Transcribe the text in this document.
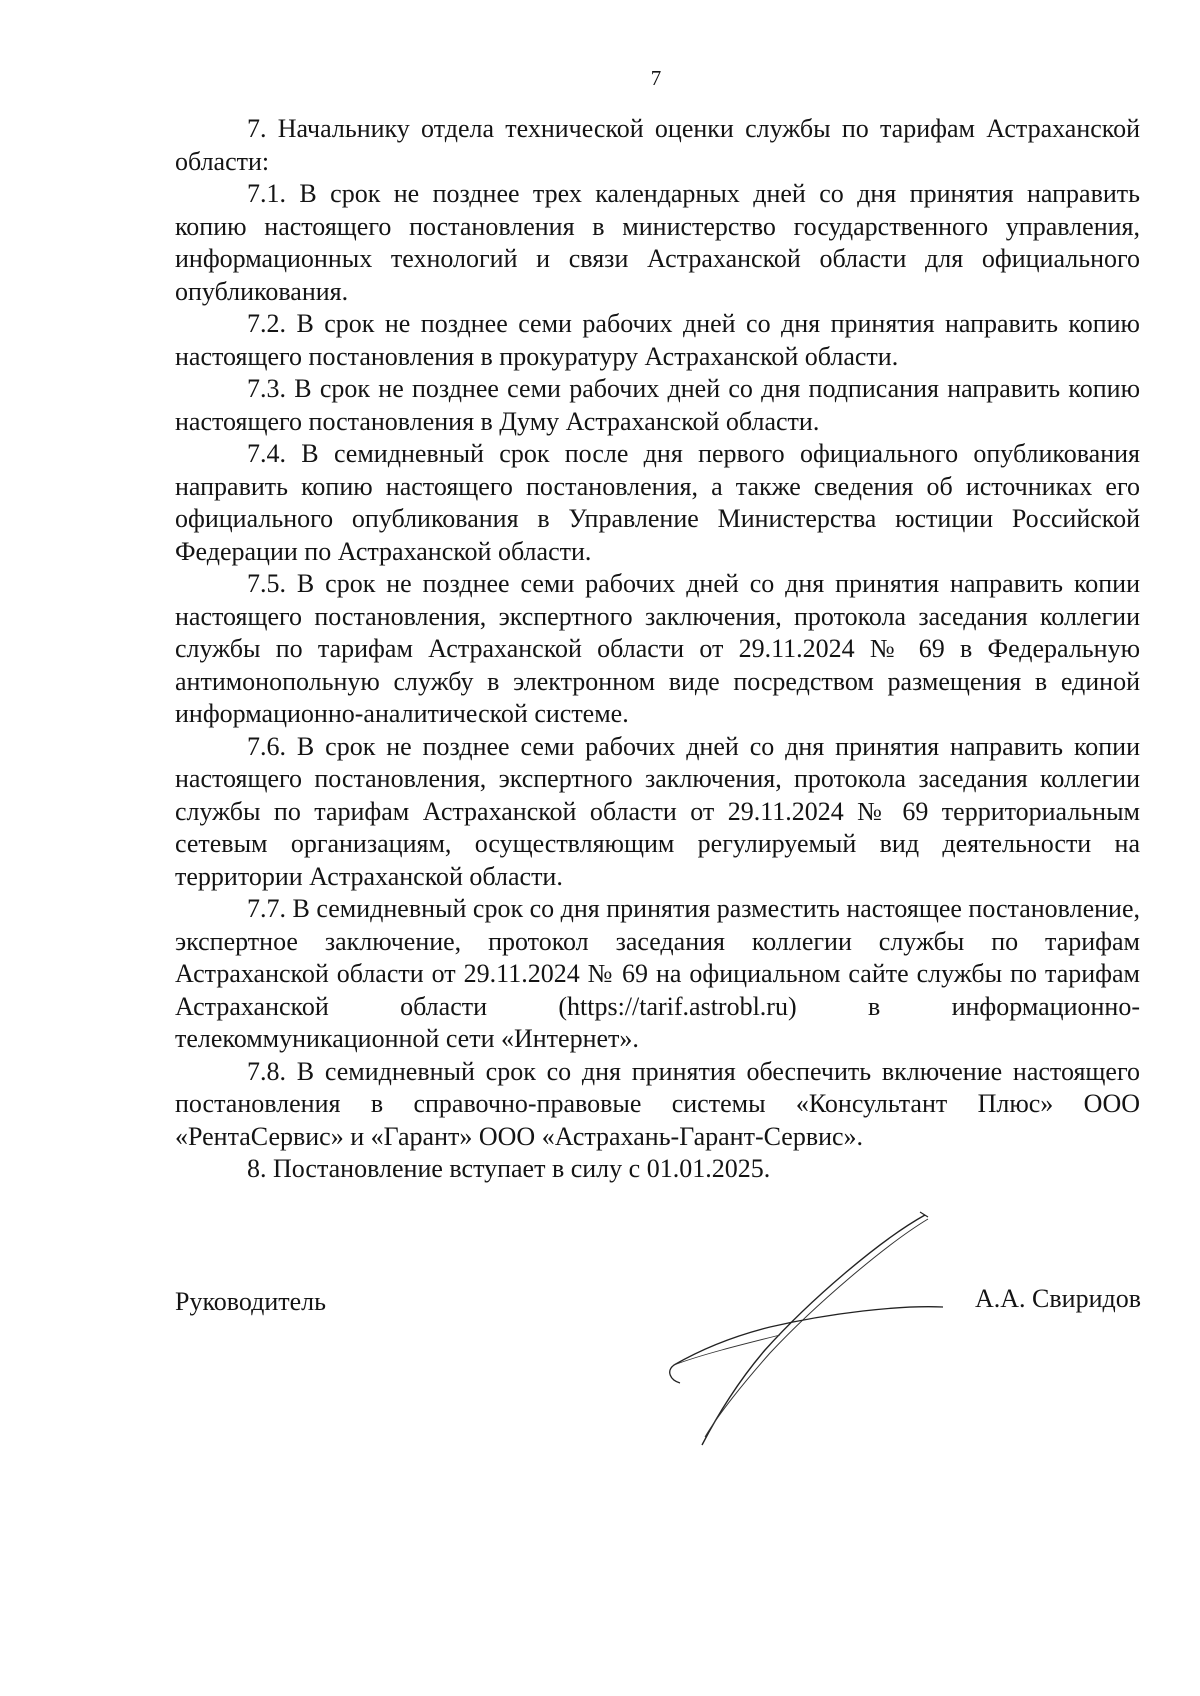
7

7. Начальнику отдела технической оценки службы по тарифам Астраханской области:

7.1. В срок не позднее трех календарных дней со дня принятия направить копию настоящего постановления в министерство государственного управления, информационных технологий и связи Астраханской области для официального опубликования.

7.2. В срок не позднее семи рабочих дней со дня принятия направить копию настоящего постановления в прокуратуру Астраханской области.

7.3. В срок не позднее семи рабочих дней со дня подписания направить копию настоящего постановления в Думу Астраханской области.

7.4. В семидневный срок после дня первого официального опубликования направить копию настоящего постановления, а также сведения об источниках его официального опубликования в Управление Министерства юстиции Российской Федерации по Астраханской области.

7.5. В срок не позднее семи рабочих дней со дня принятия направить копии настоящего постановления, экспертного заключения, протокола заседания коллегии службы по тарифам Астраханской области от 29.11.2024 № 69 в Федеральную антимонопольную службу в электронном виде посредством размещения в единой информационно-аналитической системе.

7.6. В срок не позднее семи рабочих дней со дня принятия направить копии настоящего постановления, экспертного заключения, протокола заседания коллегии службы по тарифам Астраханской области от 29.11.2024 № 69 территориальным сетевым организациям, осуществляющим регулируемый вид деятельности на территории Астраханской области.

7.7. В семидневный срок со дня принятия разместить настоящее постановление, экспертное заключение, протокол заседания коллегии службы по тарифам Астраханской области от 29.11.2024 № 69 на официальном сайте службы по тарифам Астраханской области (https://tarif.astrobl.ru) в информационно-телекоммуникационной сети «Интернет».

7.8. В семидневный срок со дня принятия обеспечить включение настоящего постановления в справочно-правовые системы «Консультант Плюс» ООО «РентаСервис» и «Гарант» ООО «Астрахань-Гарант-Сервис».

8. Постановление вступает в силу с 01.01.2025.

Руководитель	А.А. Свиридов
